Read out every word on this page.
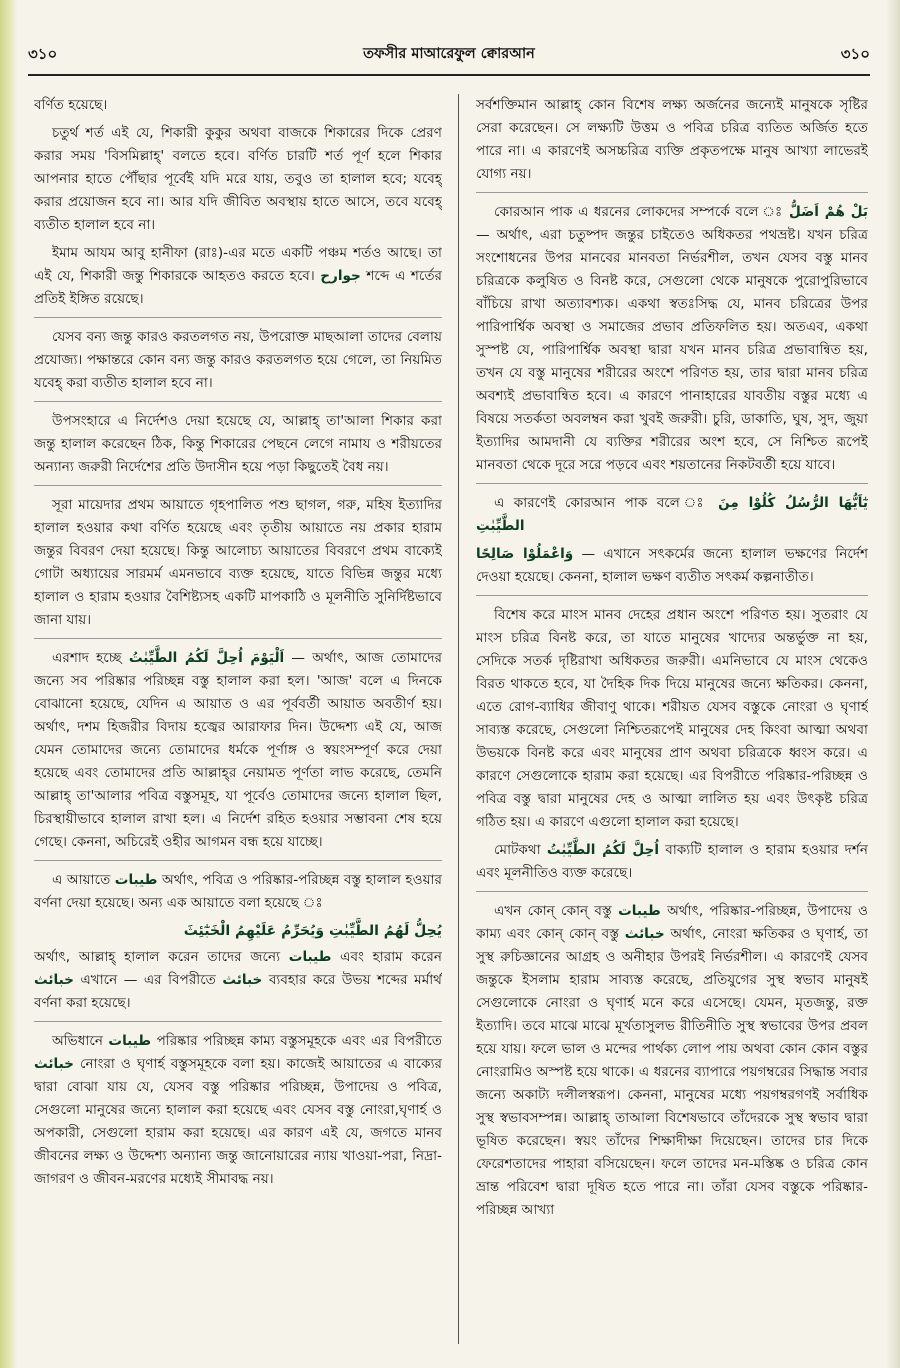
৩১০	তফসীর মাআরেফুল ক্বোরআন	৩১০

বর্ণিত হয়েছে।

চতুর্থ শর্ত এই যে, শিকারী কুকুর অথবা বাজকে শিকারের দিকে প্রেরণ করার সময় 'বিসমিল্লাহ্' বলতে হবে। বর্ণিত চারটি শর্ত পূর্ণ হলে শিকার আপনার হাতে পৌঁছার পূর্বেই যদি মরে যায়, তবুও তা হালাল হবে; যবেহ্ করার প্রয়োজন হবে না। আর যদি জীবিত অবস্থায় হাতে আসে, তবে যবেহ্ ব্যতীত হালাল হবে না।

ইমাম আযম আবু হানীফা (রাঃ)-এর মতে একটি পঞ্চম শর্তও আছে। তা এই যে, শিকারী জন্তু শিকারকে আহতও করতে হবে। جوارح শব্দে এ শর্তের প্রতিই ইঙ্গিত রয়েছে।

যেসব বন্য জন্তু কারও করতলগত নয়, উপরোক্ত মাছআলা তাদের বেলায় প্রযোজ্য। পক্ষান্তরে কোন বন্য জন্তু কারও করতলগত হয়ে গেলে, তা নিয়মিত যবেহ্ করা ব্যতীত হালাল হবে না।

উপসংহারে এ নির্দেশও দেয়া হয়েছে যে, আল্লাহ্ তা'আলা শিকার করা জন্তু হালাল করেছেন ঠিক, কিন্তু শিকারের পেছনে লেগে নামায ও শরীয়তের অন্যান্য জরুরী নির্দেশের প্রতি উদাসীন হয়ে পড়া কিছুতেই বৈধ নয়।

সূরা মায়েদার প্রথম আয়াতে গৃহপালিত পশু ছাগল, গরু, মহিষ ইত্যাদির হালাল হওয়ার কথা বর্ণিত হয়েছে এবং তৃতীয় আয়াতে নয় প্রকার হারাম জন্তুর বিবরণ দেয়া হয়েছে। কিন্তু আলোচ্য আয়াতের বিবরণে প্রথম বাক্যেই গোটা অধ্যায়ের সারমর্ম এমনভাবে ব্যক্ত হয়েছে, যাতে বিভিন্ন জন্তুর মধ্যে হালাল ও হারাম হওয়ার বৈশিষ্ট্যসহ একটি মাপকাঠি ও মূলনীতি সুনির্দিষ্টভাবে জানা যায়।

এরশাদ হচ্ছে اَلْيَوْمَ اُحِلَّ لَكُمُ الطَّيِّبٰتُ — অর্থাৎ, আজ তোমাদের জন্যে সব পরিষ্কার পরিচ্ছন্ন বস্তু হালাল করা হল। 'আজ' বলে এ দিনকে বোঝানো হয়েছে, যেদিন এ আয়াত ও এর পূর্ববর্তী আয়াত অবতীর্ণ হয়। অর্থাৎ, দশম হিজরীর বিদায় হজ্বের আরাফার দিন। উদ্দেশ্য এই যে, আজ যেমন তোমাদের জন্যে তোমাদের ধর্মকে পূর্ণাঙ্গ ও স্বয়ংসম্পূর্ণ করে দেয়া হয়েছে এবং তোমাদের প্রতি আল্লাহ্‌র নেয়ামত পূর্ণতা লাভ করেছে, তেমনি আল্লাহ্ তা'আলার পবিত্র বস্তুসমূহ, যা পূর্বেও তোমাদের জন্যে হালাল ছিল, চিরস্থায়ীভাবে হালাল রাখা হল। এ নির্দেশ রহিত হওয়ার সম্ভাবনা শেষ হয়ে গেছে। কেননা, অচিরেই ওহীর আগমন বন্ধ হয়ে যাচ্ছে।

এ আয়াতে طيبات অর্থাৎ, পবিত্র ও পরিষ্কার-পরিচ্ছন্ন বস্তু হালাল হওয়ার বর্ণনা দেয়া হয়েছে। অন্য এক আয়াতে বলা হয়েছে ঃ

يُحِلُّ لَهُمُ الطَّيِّبٰتِ وَيُحَرِّمُ عَلَيْهِمُ الْخَبٰٓئِثَ

অর্থাৎ, আল্লাহ্ হালাল করেন তাদের জন্যে طيبات এবং হারাম করেন خبائث এখানে — এর বিপরীতে خبائث ব্যবহার করে উভয় শব্দের মর্মার্থ বর্ণনা করা হয়েছে।

অভিধানে طيبات পরিষ্কার পরিচ্ছন্ন কাম্য বস্তুসমূহকে এবং এর বিপরীতে خبائث নোংরা ও ঘৃণার্হ বস্তুসমূহকে বলা হয়। কাজেই আয়াতের এ বাক্যের দ্বারা বোঝা যায় যে, যেসব বস্তু পরিষ্কার পরিচ্ছন্ন, উপাদেয় ও পবিত্র, সেগুলো মানুষের জন্যে হালাল করা হয়েছে এবং যেসব বস্তু নোংরা,ঘৃণার্হ ও অপকারী, সেগুলো হারাম করা হয়েছে। এর কারণ এই যে, জগতে মানব জীবনের লক্ষ্য ও উদ্দেশ্য অন্যান্য জন্তু জানোয়ারের ন্যায় খাওয়া-পরা, নিদ্রা-জাগরণ ও জীবন-মরণের মধ্যেই সীমাবদ্ধ নয়।

সর্বশক্তিমান আল্লাহ্ কোন বিশেষ লক্ষ্য অর্জনের জন্যেই মানুষকে সৃষ্টির সেরা করেছেন। সে লক্ষ্যটি উত্তম ও পবিত্র চরিত্র ব্যতিত অর্জিত হতে পারে না। এ কারণেই অসচ্চরিত্র ব্যক্তি প্রকৃতপক্ষে মানুষ আখ্যা লাভেরই যোগ্য নয়।

কোরআন পাক এ ধরনের লোকদের সম্পর্কে বলে ঃ بَلْ هُمْ اَضَلُّ — অর্থাৎ, এরা চতুষ্পদ জন্তুর চাইতেও অধিকতর পথভ্রষ্ট। যখন চরিত্র সংশোধনের উপর মানবের মানবতা নির্ভরশীল, তখন যেসব বস্তু মানব চরিত্রকে কলুষিত ও বিনষ্ট করে, সেগুলো থেকে মানুষকে পুরোপুরিভাবে বাঁচিয়ে রাখা অত্যাবশ্যক। একথা স্বতঃসিদ্ধ যে, মানব চরিত্রের উপর পারিপার্শ্বিক অবস্থা ও সমাজের প্রভাব প্রতিফলিত হয়। অতএব, একথা সুস্পষ্ট যে, পারিপার্শ্বিক অবস্থা দ্বারা যখন মানব চরিত্র প্রভাবান্বিত হয়, তখন যে বস্তু মানুষের শরীরের অংশে পরিণত হয়, তার দ্বারা মানব চরিত্র অবশ্যই প্রভাবান্বিত হবে। এ কারণে পানাহারের যাবতীয় বস্তুর মধ্যে এ বিষয়ে সতর্কতা অবলম্বন করা খুবই জরুরী। চুরি, ডাকাতি, ঘুষ, সুদ, জুয়া ইত্যাদির আমদানী যে ব্যক্তির শরীরের অংশ হবে, সে নিশ্চিত রূপেই মানবতা থেকে দূরে সরে পড়বে এবং শয়তানের নিকটবর্তী হয়ে যাবে।

এ কারণেই কোরআন পাক বলে ঃ يٰٓاَيُّهَا الرُّسُلُ كُلُوْا مِنَ الطَّيِّبٰتِ

وَاعْمَلُوْا صَالِحًا — এখানে সৎকর্মের জন্যে হালাল ভক্ষণের নির্দেশ দেওয়া হয়েছে। কেননা, হালাল ভক্ষণ ব্যতীত সৎকর্ম কল্পনাতীত।

বিশেষ করে মাংস মানব দেহের প্রধান অংশে পরিণত হয়। সুতরাং যে মাংস চরিত্র বিনষ্ট করে, তা যাতে মানুষের খাদ্যের অন্তর্ভুক্ত না হয়, সেদিকে সতর্ক দৃষ্টিরাখা অধিকতর জরুরী। এমনিভাবে যে মাংস থেকেও বিরত থাকতে হবে, যা দৈহিক দিক দিয়ে মানুষের জন্যে ক্ষতিকর। কেননা, এতে রোগ-ব্যাধির জীবাণু থাকে। শরীয়ত যেসব বস্তুকে নোংরা ও ঘৃণার্হ সাব্যস্ত করেছে, সেগুলো নিশ্চিতরূপেই মানুষের দেহ কিংবা আত্মা অথবা উভয়কে বিনষ্ট করে এবং মানুষের প্রাণ অথবা চরিত্রকে ধ্বংস করে। এ কারণে সেগুলোকে হারাম করা হয়েছে। এর বিপরীতে পরিষ্কার-পরিচ্ছন্ন ও পবিত্র বস্তু দ্বারা মানুষের দেহ ও আত্মা লালিত হয় এবং উৎকৃষ্ট চরিত্র গঠিত হয়। এ কারণে এগুলো হালাল করা হয়েছে।

মোটকথা اُحِلَّ لَكُمُ الطَّيِّبٰتُ বাক্যটি হালাল ও হারাম হওয়ার দর্শন এবং মূলনীতিও ব্যক্ত করেছে।

এখন কোন্ কোন্ বস্তু طيبات অর্থাৎ, পরিষ্কার-পরিচ্ছন্ন, উপাদেয় ও কাম্য এবং কোন্ কোন্ বস্তু خبائث অর্থাৎ, নোংরা ক্ষতিকর ও ঘৃণার্হ, তা সুস্থ রুচিজ্ঞানের আগ্রহ ও অনীহার উপরই নির্ভরশীল। এ কারণেই যেসব জন্তুকে ইসলাম হারাম সাব্যস্ত করেছে, প্রতিযুগের সুস্থ স্বভাব মানুষই সেগুলোকে নোংরা ও ঘৃণার্হ মনে করে এসেছে। যেমন, মৃতজন্তু, রক্ত ইত্যাদি। তবে মাঝে মাঝে মূর্খতাসুলভ রীতিনীতি সুস্থ স্বভাবের উপর প্রবল হয়ে যায়। ফলে ভাল ও মন্দের পার্থক্য লোপ পায় অথবা কোন কোন বস্তুর নোংরামিও অস্পষ্ট হয়ে থাকে। এ ধরনের ব্যাপারে পয়গম্বরের সিদ্ধান্ত সবার জন্যে অকাট্য দলীলস্বরূপ। কেননা, মানুষের মধ্যে পয়গম্বরগণই সর্বাধিক সুস্থ স্বভাবসম্পন্ন। আল্লাহ্ তাআলা বিশেষভাবে তাঁদেরকে সুস্থ স্বভাব দ্বারা ভূষিত করেছেন। স্বয়ং তাঁদের শিক্ষাদীক্ষা দিয়েছেন। তাদের চার দিকে ফেরেশতাদের পাহারা বসিয়েছেন। ফলে তাদের মন-মস্তিষ্ক ও চরিত্র কোন ভ্রান্ত পরিবেশ দ্বারা দূষিত হতে পারে না। তাঁরা যেসব বস্তুকে পরিষ্কার-পরিচ্ছন্ন আখ্যা
